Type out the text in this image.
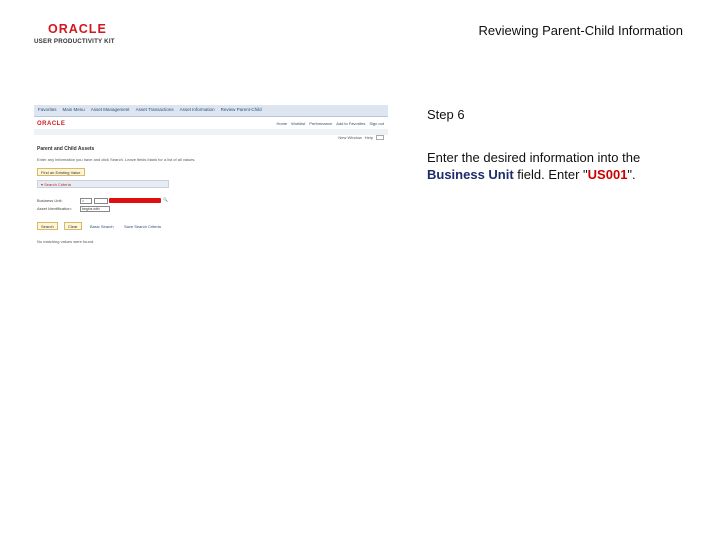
ORACLE
USER PRODUCTIVITY KIT
Reviewing Parent-Child Information
Favorites Main Menu Asset Management Asset Transactions Asset Information Review Parent-Child
ORACLE	Home Worklist Performance Add to Favorites Sign out
New Window Help
Parent and Child Assets
Enter any information you have and click Search. Leave fields blank for a list of all values.
Find an Existing Value
▾ Search Criteria
Business Unit:	=	🔍
Asset Identification:	begins with
Search	Clear	Basic Search	Save Search Criteria
No matching values were found.
Step 6
Enter the desired information into the Business Unit field. Enter "US001".
